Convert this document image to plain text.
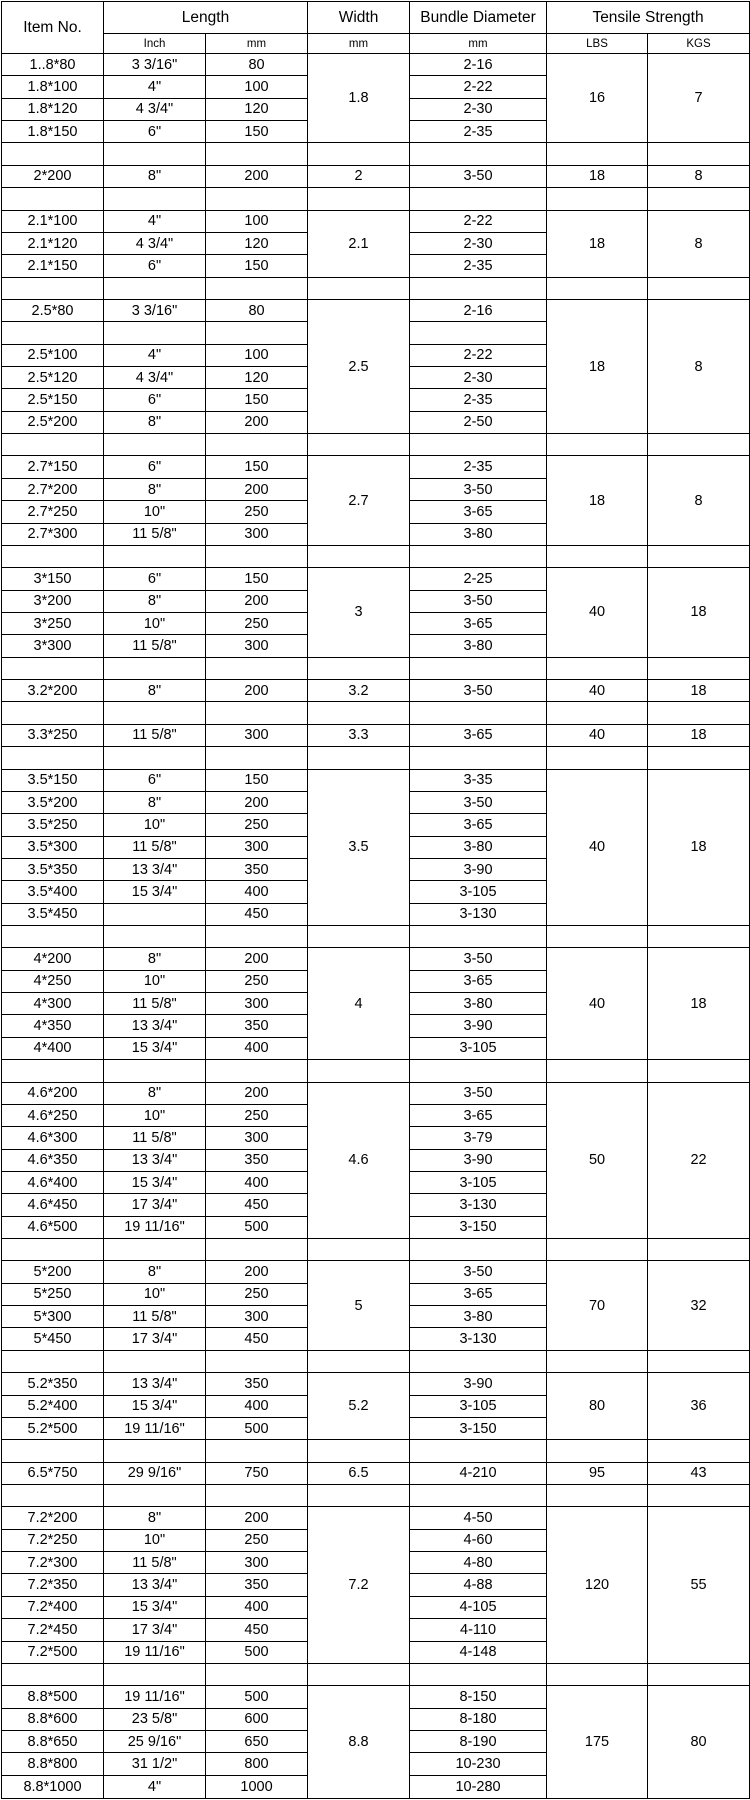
Item No.	Length		Width	Bundle Diameter	Tensile Strength	
	Inch	mm	mm	mm	LBS	KGS
1..8*80	3 3/16"	80	1.8	2-16	16	7
1.8*100	4"	100		2-22		
1.8*120	4 3/4"	120		2-30		
1.8*150	6"	150		2-35		

2*200	8"	200	2	3-50	18	8

2.1*100	4"	100	2.1	2-22	18	8
2.1*120	4 3/4"	120		2-30		
2.1*150	6"	150		2-35		

2.5*80	3 3/16"	80	2.5	2-16	18	8

2.5*100	4"	100		2-22		
2.5*120	4 3/4"	120		2-30		
2.5*150	6"	150		2-35		
2.5*200	8"	200		2-50		

2.7*150	6"	150	2.7	2-35	18	8
2.7*200	8"	200		3-50		
2.7*250	10"	250		3-65		
2.7*300	11 5/8"	300		3-80		

3*150	6"	150	3	2-25	40	18
3*200	8"	200		3-50		
3*250	10"	250		3-65		
3*300	11 5/8"	300		3-80		

3.2*200	8"	200	3.2	3-50	40	18

3.3*250	11 5/8"	300	3.3	3-65	40	18

3.5*150	6"	150	3.5	3-35	40	18
3.5*200	8"	200		3-50		
3.5*250	10"	250		3-65		
3.5*300	11 5/8"	300		3-80		
3.5*350	13 3/4"	350		3-90		
3.5*400	15 3/4"	400		3-105		
3.5*450		450		3-130		

4*200	8"	200	4	3-50	40	18
4*250	10"	250		3-65		
4*300	11 5/8"	300		3-80		
4*350	13 3/4"	350		3-90		
4*400	15 3/4"	400		3-105		

4.6*200	8"	200	4.6	3-50	50	22
4.6*250	10"	250		3-65		
4.6*300	11 5/8"	300		3-79		
4.6*350	13 3/4"	350		3-90		
4.6*400	15 3/4"	400		3-105		
4.6*450	17 3/4"	450		3-130		
4.6*500	19 11/16"	500		3-150		

5*200	8"	200	5	3-50	70	32
5*250	10"	250		3-65		
5*300	11 5/8"	300		3-80		
5*450	17 3/4"	450		3-130		

5.2*350	13 3/4"	350	5.2	3-90	80	36
5.2*400	15 3/4"	400		3-105		
5.2*500	19 11/16"	500		3-150		

6.5*750	29 9/16"	750	6.5	4-210	95	43

7.2*200	8"	200	7.2	4-50	120	55
7.2*250	10"	250		4-60		
7.2*300	11 5/8"	300		4-80		
7.2*350	13 3/4"	350		4-88		
7.2*400	15 3/4"	400		4-105		
7.2*450	17 3/4"	450		4-110		
7.2*500	19 11/16"	500		4-148		

8.8*500	19 11/16"	500	8.8	8-150	175	80
8.8*600	23 5/8"	600		8-180		
8.8*650	25 9/16"	650		8-190		
8.8*800	31 1/2"	800		10-230		
8.8*1000	4"	1000		10-280		
